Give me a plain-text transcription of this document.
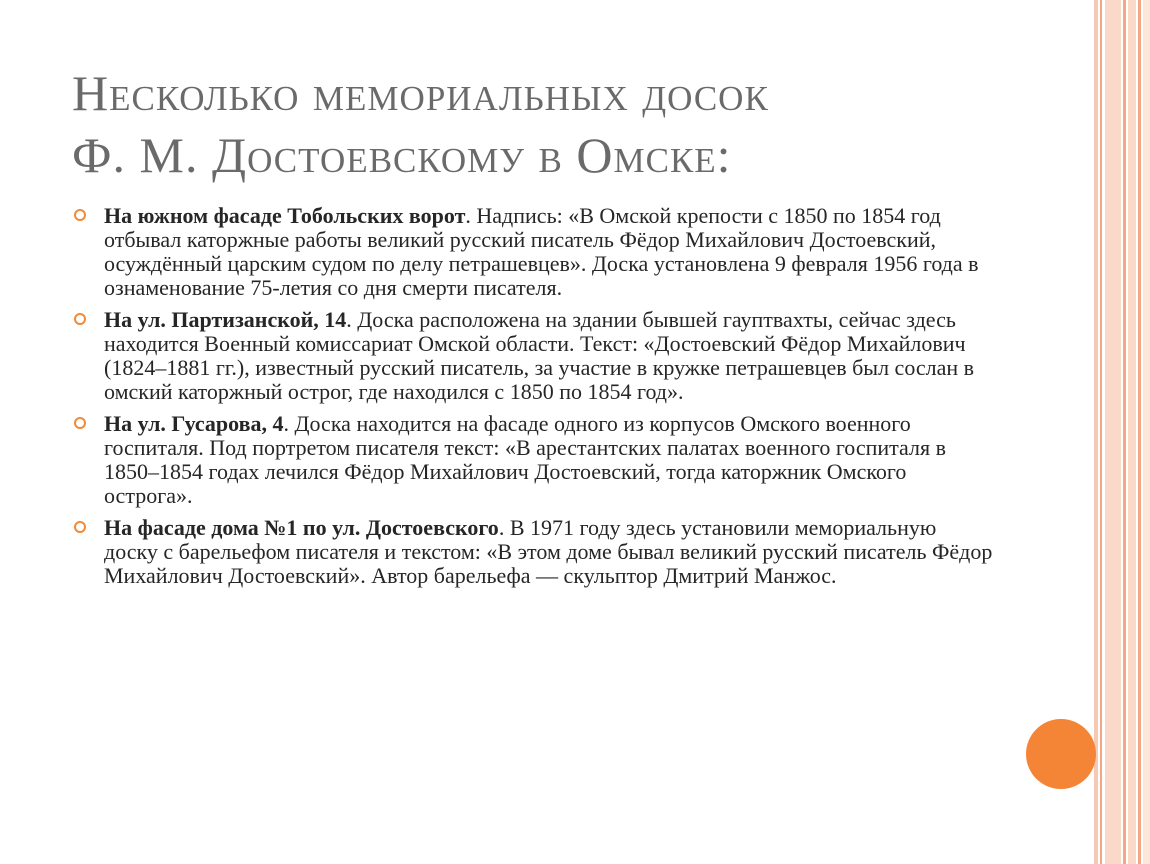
Несколько мемориальных досок
Ф. М. Достоевскому в Омске:
На южном фасаде Тобольских ворот. Надпись: «В Омской крепости с 1850 по 1854 год отбывал каторжные работы великий русский писатель Фёдор Михайлович Достоевский, осуждённый царским судом по делу петрашевцев». Доска установлена 9 февраля 1956 года в ознаменование 75-летия со дня смерти писателя.
На ул. Партизанской, 14. Доска расположена на здании бывшей гауптвахты, сейчас здесь находится Военный комиссариат Омской области. Текст: «Достоевский Фёдор Михайлович (1824–1881 гг.), известный русский писатель, за участие в кружке петрашевцев был сослан в омский каторжный острог, где находился с 1850 по 1854 год».
На ул. Гусарова, 4. Доска находится на фасаде одного из корпусов Омского военного госпиталя. Под портретом писателя текст: «В арестантских палатах военного госпиталя в 1850–1854 годах лечился Фёдор Михайлович Достоевский, тогда каторжник Омского острога».
На фасаде дома №1 по ул. Достоевского. В 1971 году здесь установили мемориальную доску с барельефом писателя и текстом: «В этом доме бывал великий русский писатель Фёдор Михайлович Достоевский». Автор барельефа — скульптор Дмитрий Манжос.
